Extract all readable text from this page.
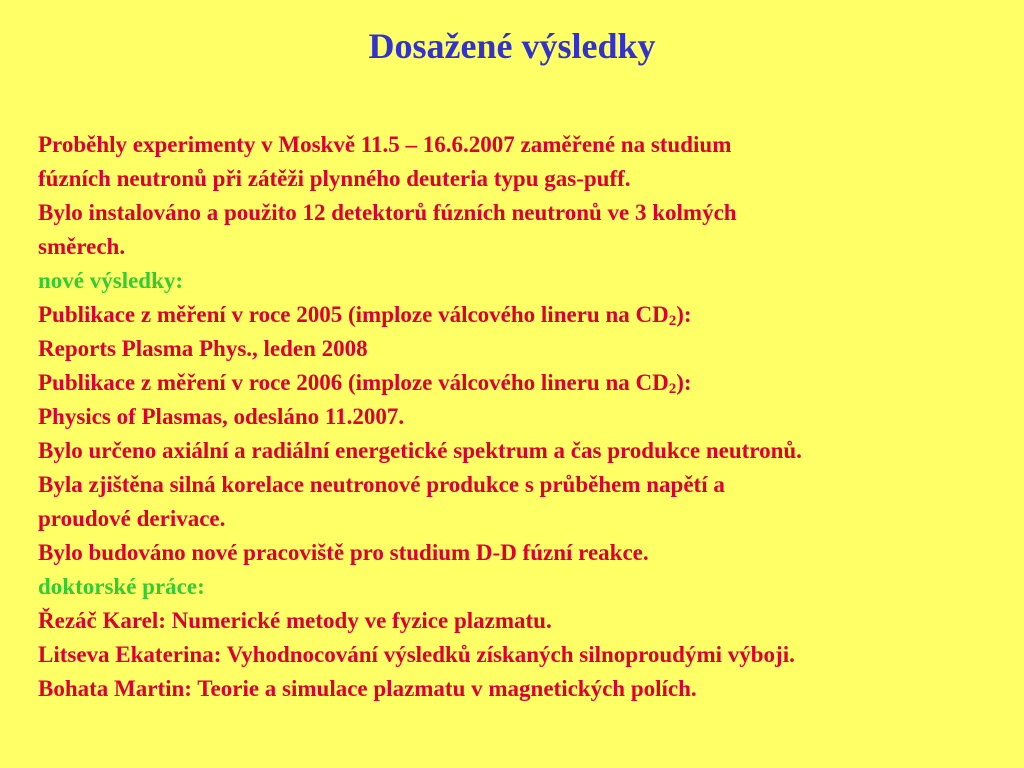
Dosažené výsledky
Proběhly experimenty v Moskvě 11.5 – 16.6.2007 zaměřené na studium
fúzních neutronů při zátěži plynného deuteria typu gas-puff.
Bylo instalováno a použito 12 detektorů fúzních neutronů ve 3 kolmých
směrech.
nové výsledky:
Publikace z měření v roce 2005 (imploze válcového lineru na $CD_2$):
Reports Plasma Phys., leden 2008
Publikace z měření v roce 2006 (imploze válcového lineru na $CD_2$):
Physics of Plasmas, odesláno 11.2007.
Bylo určeno axiální a radiální energetické spektrum a čas produkce neutronů.
Byla zjištěna silná korelace neutronové produkce s průběhem napětí a
proudové derivace.
Bylo budováno nové pracoviště pro studium D-D fúzní reakce.
doktorské práce:
Řezáč Karel: Numerické metody ve fyzice plazmatu.
Litseva Ekaterina: Vyhodnocování výsledků získaných silnoproudými výboji.
Bohata Martin: Teorie a simulace plazmatu v magnetických polích.
